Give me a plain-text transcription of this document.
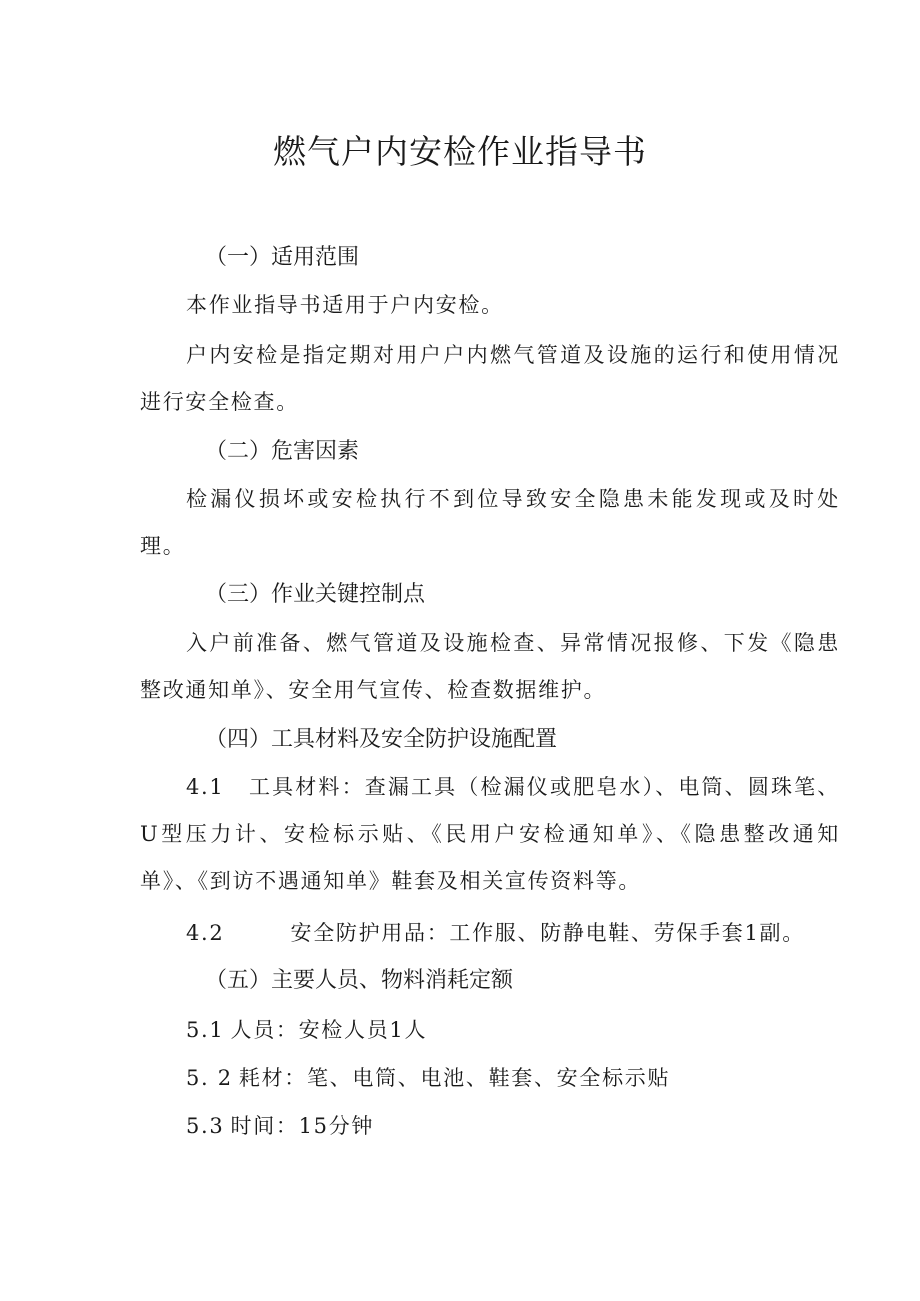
燃气户内安检作业指导书
（一）适用范围
本作业指导书适用于户内安检。
户内安检是指定期对用户户内燃气管道及设施的运行和使用情况进行安全检查。
（二）危害因素
检漏仪损坏或安检执行不到位导致安全隐患未能发现或及时处理。
（三）作业关键控制点
入户前准备、燃气管道及设施检查、异常情况报修、下发《隐患整改通知单》、安全用气宣传、检查数据维护。
（四）工具材料及安全防护设施配置
4.1 工具材料：查漏工具（检漏仪或肥皂水）、电筒、圆珠笔、U型压力计、安检标示贴、《民用户安检通知单》、《隐患整改通知单》、《到访不遇通知单》鞋套及相关宣传资料等。
4.2	安全防护用品：工作服、防静电鞋、劳保手套1副。
（五）主要人员、物料消耗定额
5.1 人员：安检人员1人
5. 2 耗材：笔、电筒、电池、鞋套、安全标示贴
5.3 时间：15分钟
